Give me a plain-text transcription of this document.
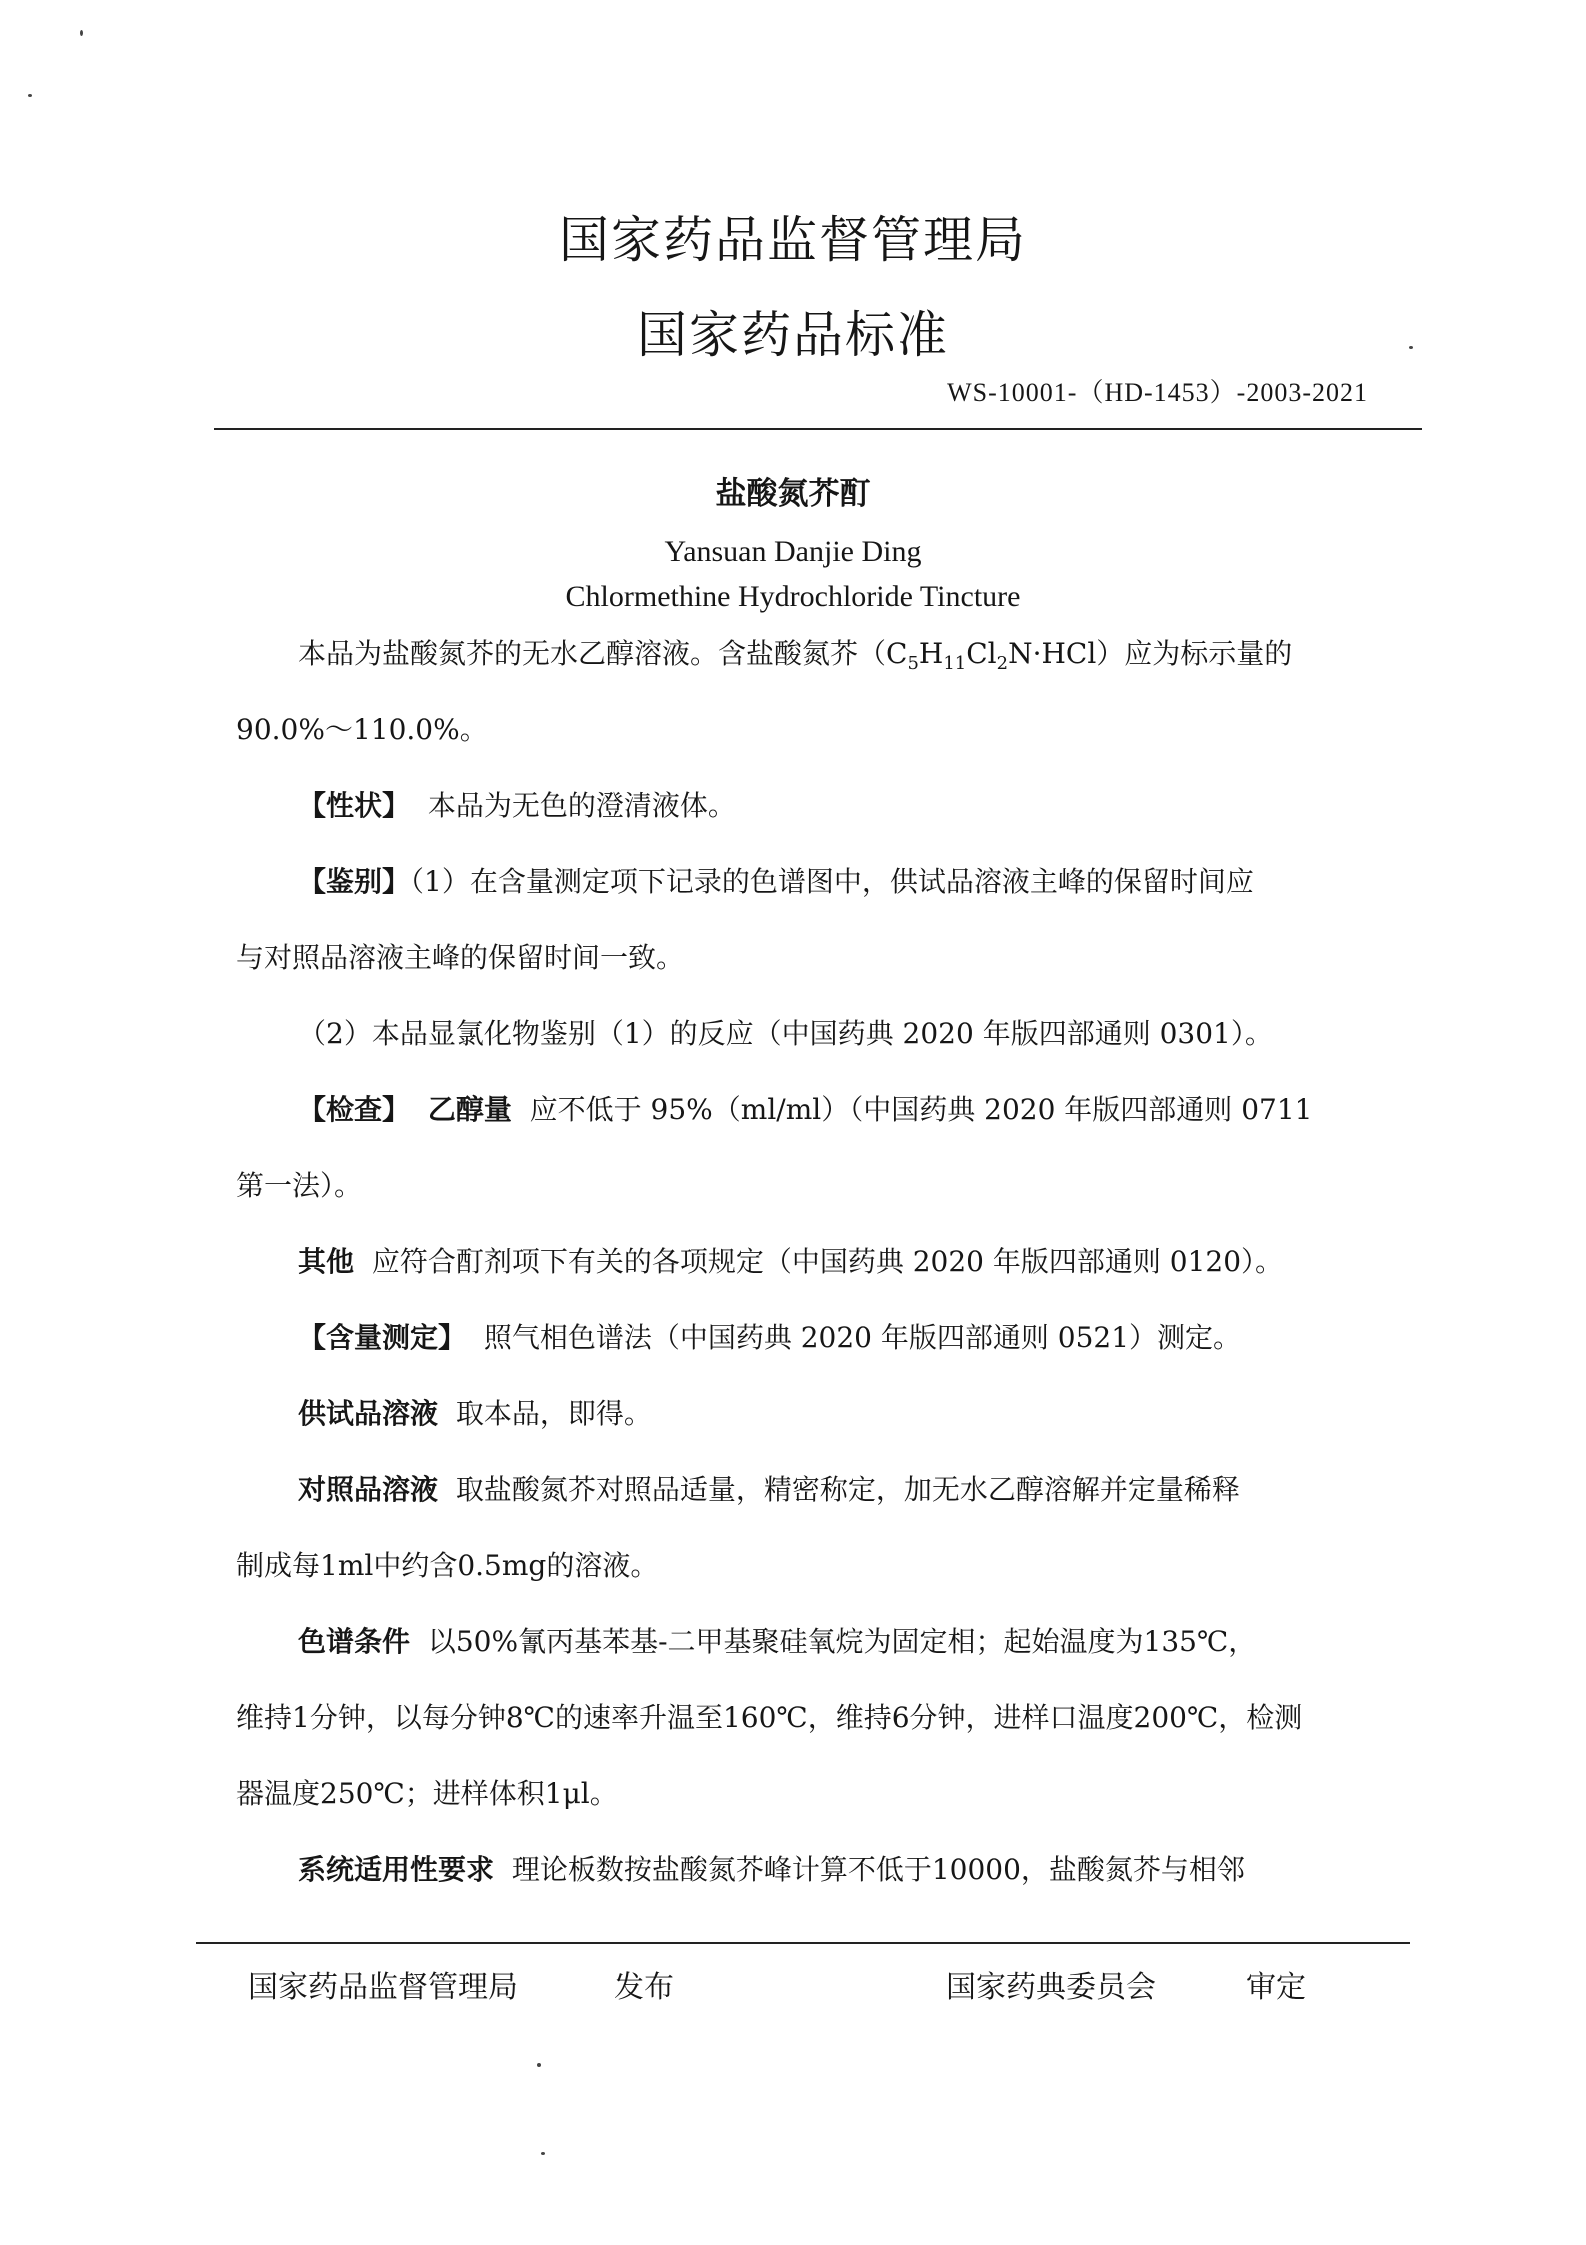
国家药品监督管理局
国家药品标准
WS-10001-（HD-1453）-2003-2021
盐酸氮芥酊
Yansuan Danjie Ding
Chlormethine Hydrochloride Tincture
本品为盐酸氮芥的无水乙醇溶液。含盐酸氮芥$(C_5H_{11}Cl_2N\cdot HCl)$应为标示量的
90.0%～110.0%。
【性状】 本品为无色的澄清液体。
【鉴别】（1）在含量测定项下记录的色谱图中，供试品溶液主峰的保留时间应
与对照品溶液主峰的保留时间一致。
（2）本品显氯化物鉴别（1）的反应（中国药典 2020 年版四部通则 0301）。
【检查】 乙醇量 应不低于 95%（ml/ml）（中国药典 2020 年版四部通则 0711
第一法）。
其他 应符合酊剂项下有关的各项规定（中国药典 2020 年版四部通则 0120）。
【含量测定】 照气相色谱法（中国药典 2020 年版四部通则 0521）测定。
供试品溶液 取本品，即得。
对照品溶液 取盐酸氮芥对照品适量，精密称定，加无水乙醇溶解并定量稀释
制成每1ml中约含0.5mg的溶液。
色谱条件 以50%氰丙基苯基-二甲基聚硅氧烷为固定相；起始温度为135℃，
维持1分钟，以每分钟8℃的速率升温至160℃，维持6分钟，进样口温度200℃，检测
器温度250℃；进样体积1μl。
系统适用性要求 理论板数按盐酸氮芥峰计算不低于10000，盐酸氮芥与相邻
国家药品监督管理局	发布	国家药典委员会	审定
